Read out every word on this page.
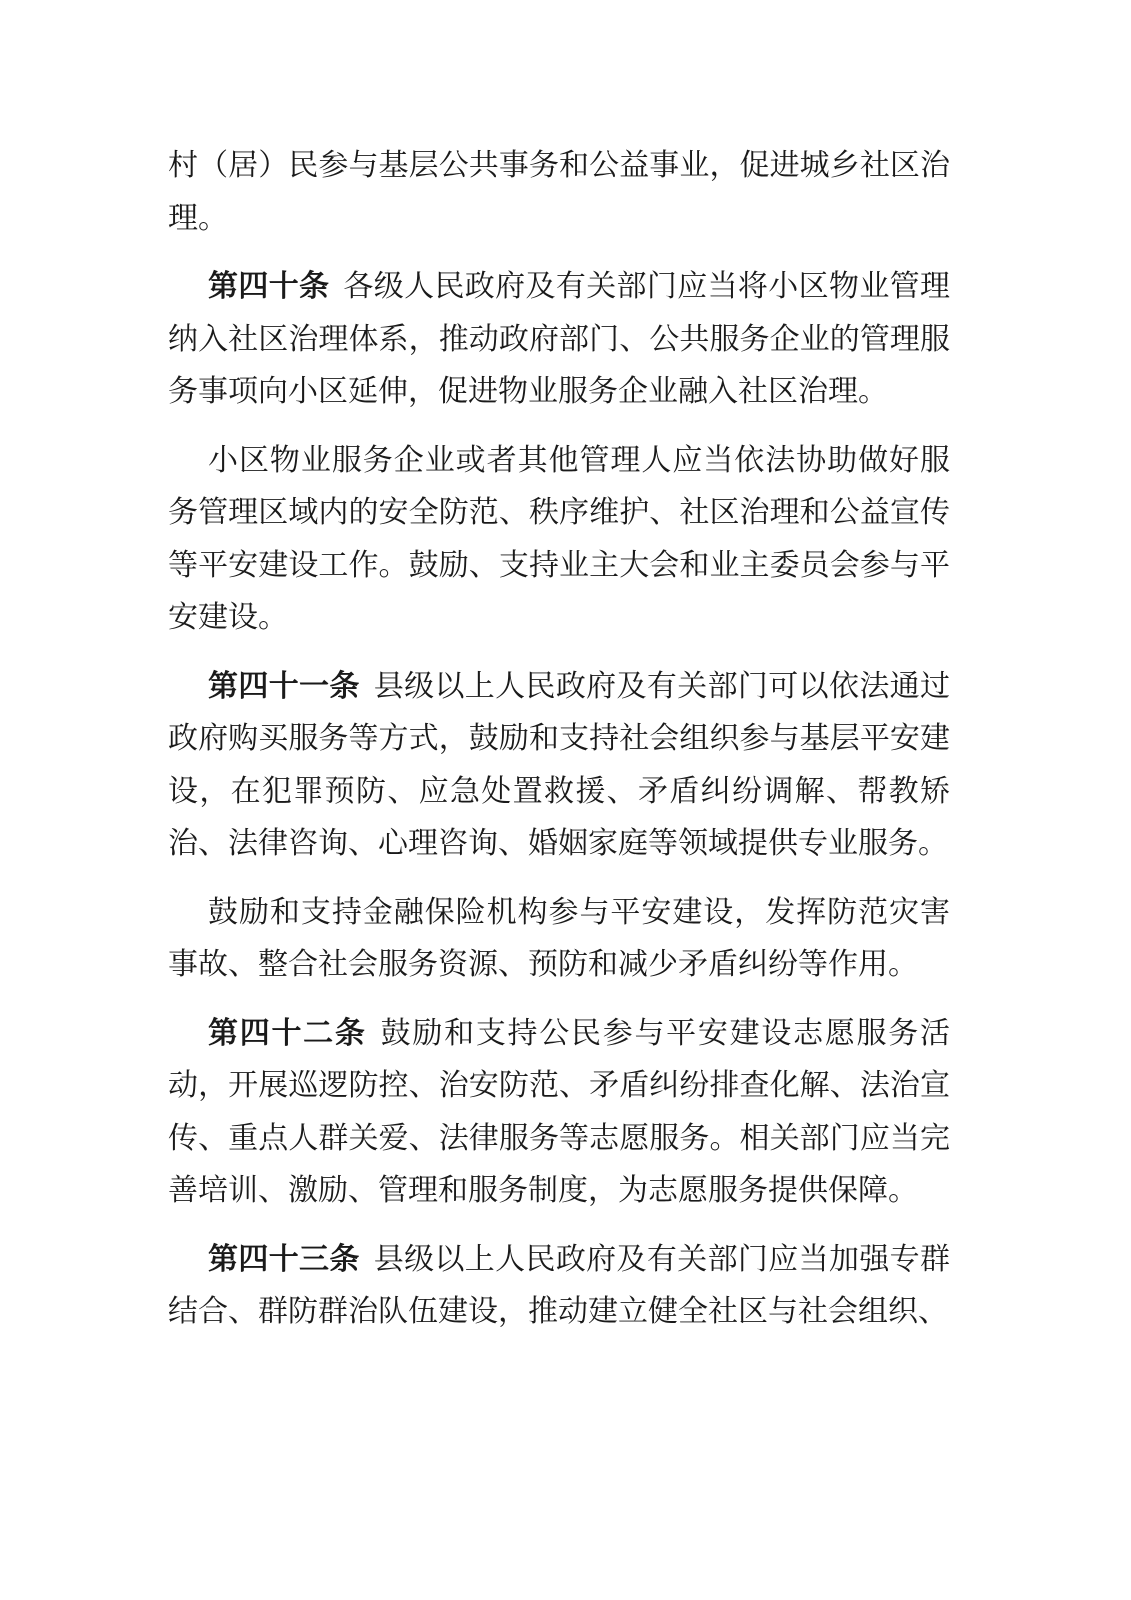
村（居）民参与基层公共事务和公益事业，促进城乡社区治理。

第四十条 各级人民政府及有关部门应当将小区物业管理纳入社区治理体系，推动政府部门、公共服务企业的管理服务事项向小区延伸，促进物业服务企业融入社区治理。

小区物业服务企业或者其他管理人应当依法协助做好服务管理区域内的安全防范、秩序维护、社区治理和公益宣传等平安建设工作。鼓励、支持业主大会和业主委员会参与平安建设。

第四十一条 县级以上人民政府及有关部门可以依法通过政府购买服务等方式，鼓励和支持社会组织参与基层平安建设，在犯罪预防、应急处置救援、矛盾纠纷调解、帮教矫治、法律咨询、心理咨询、婚姻家庭等领域提供专业服务。

鼓励和支持金融保险机构参与平安建设，发挥防范灾害事故、整合社会服务资源、预防和减少矛盾纠纷等作用。

第四十二条 鼓励和支持公民参与平安建设志愿服务活动，开展巡逻防控、治安防范、矛盾纠纷排查化解、法治宣传、重点人群关爱、法律服务等志愿服务。相关部门应当完善培训、激励、管理和服务制度，为志愿服务提供保障。

第四十三条 县级以上人民政府及有关部门应当加强专群结合、群防群治队伍建设，推动建立健全社区与社会组织、
